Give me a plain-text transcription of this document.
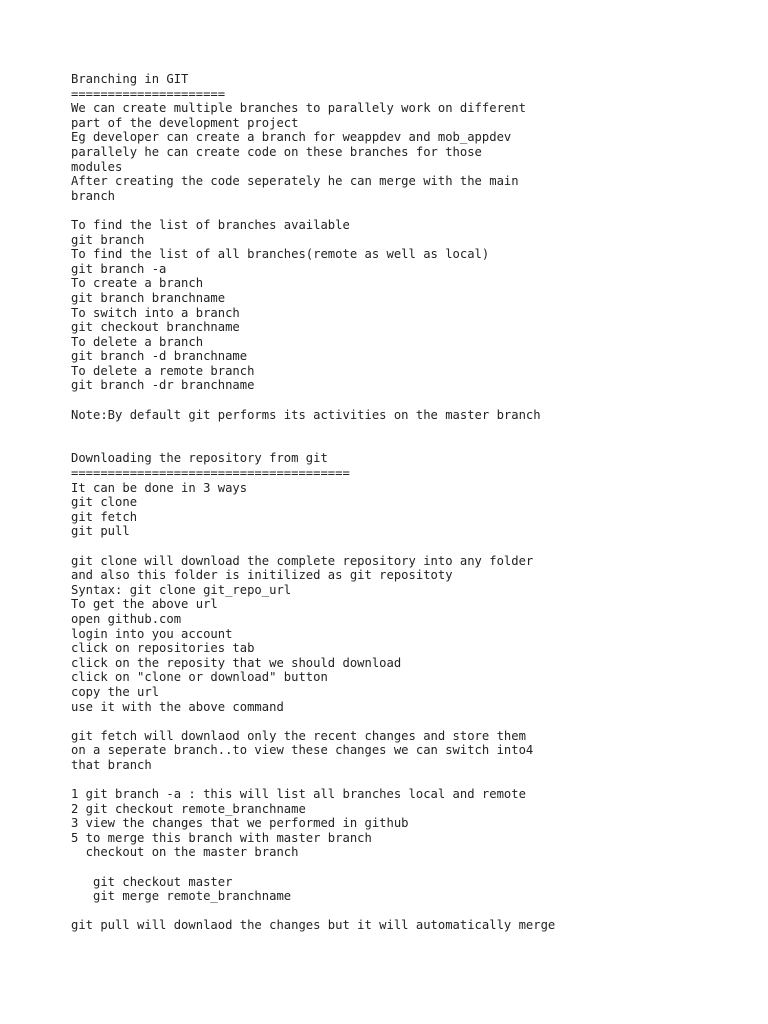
Branching in GIT
=====================
We can create multiple branches to parallely work on different
part of the development project
Eg developer can create a branch for weappdev and mob_appdev
parallely he can create code on these branches for those
modules
After creating the code seperately he can merge with the main
branch
To find the list of branches available
git branch
To find the list of all branches(remote as well as local)
git branch -a
To create a branch
git branch branchname
To switch into a branch
git checkout branchname
To delete a branch
git branch -d branchname
To delete a remote branch
git branch -dr branchname
Note:By default git performs its activities on the master branch
Downloading the repository from git
======================================
It can be done in 3 ways
git clone
git fetch
git pull
git clone will download the complete repository into any folder
and also this folder is initilized as git repositoty
Syntax: git clone git_repo_url
To get the above url
open github.com
login into you account
click on repositories tab
click on the reposity that we should download
click on "clone or download" button
copy the url
use it with the above command
git fetch will downlaod only the recent changes and store them
on a seperate branch..to view these changes we can switch into4
that branch
1 git branch -a : this will list all branches local and remote
2 git checkout remote_branchname
3 view the changes that we performed in github
5 to merge this branch with master branch
checkout on the master branch
git checkout master
git merge remote_branchname
git pull will downlaod the changes but it will automatically merge
